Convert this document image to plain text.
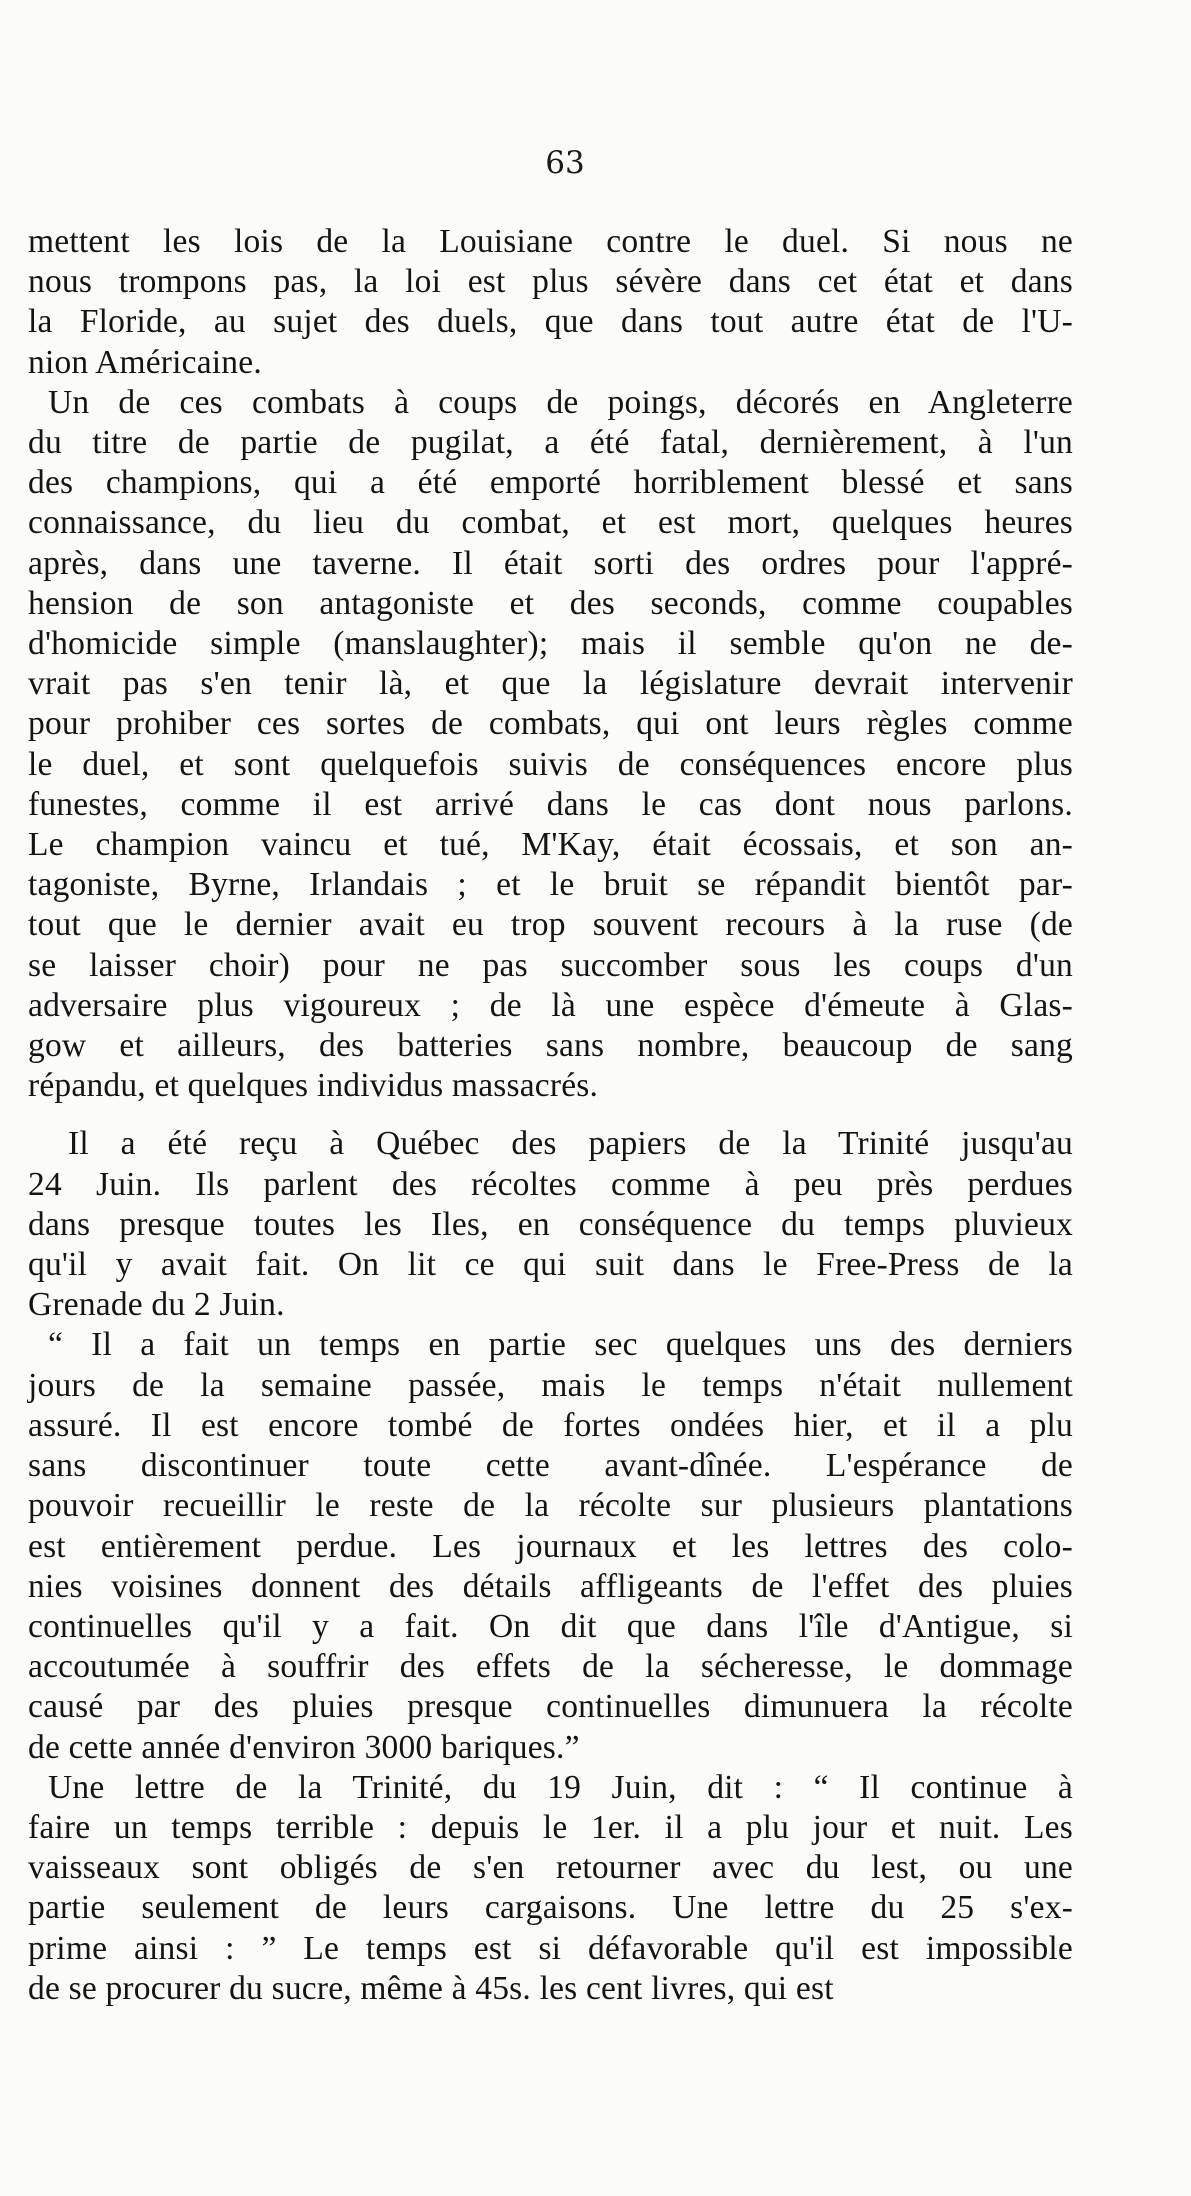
63
mettent les lois de la Louisiane contre le duel. Si nous ne
nous trompons pas, la loi est plus sévère dans cet état et dans
la Floride, au sujet des duels, que dans tout autre état de l'U-
nion Américaine.
Un de ces combats à coups de poings, décorés en Angleterre
du titre de partie de pugilat, a été fatal, dernièrement, à l'un
des champions, qui a été emporté horriblement blessé et sans
connaissance, du lieu du combat, et est mort, quelques heures
après, dans une taverne. Il était sorti des ordres pour l'appré-
hension de son antagoniste et des seconds, comme coupables
d'homicide simple (manslaughter); mais il semble qu'on ne de-
vrait pas s'en tenir là, et que la législature devrait intervenir
pour prohiber ces sortes de combats, qui ont leurs règles comme
le duel, et sont quelquefois suivis de conséquences encore plus
funestes, comme il est arrivé dans le cas dont nous parlons.
Le champion vaincu et tué, M'Kay, était écossais, et son an-
tagoniste, Byrne, Irlandais ; et le bruit se répandit bientôt par-
tout que le dernier avait eu trop souvent recours à la ruse (de
se laisser choir) pour ne pas succomber sous les coups d'un
adversaire plus vigoureux ; de là une espèce d'émeute à Glas-
gow et ailleurs, des batteries sans nombre, beaucoup de sang
répandu, et quelques individus massacrés.
Il a été reçu à Québec des papiers de la Trinité jusqu'au
24 Juin. Ils parlent des récoltes comme à peu près perdues
dans presque toutes les Iles, en conséquence du temps pluvieux
qu'il y avait fait. On lit ce qui suit dans le Free-Press de la
Grenade du 2 Juin.
“ Il a fait un temps en partie sec quelques uns des derniers
jours de la semaine passée, mais le temps n'était nullement
assuré. Il est encore tombé de fortes ondées hier, et il a plu
sans discontinuer toute cette avant-dînée. L'espérance de
pouvoir recueillir le reste de la récolte sur plusieurs plantations
est entièrement perdue. Les journaux et les lettres des colo-
nies voisines donnent des détails affligeants de l'effet des pluies
continuelles qu'il y a fait. On dit que dans l'île d'Antigue, si
accoutumée à souffrir des effets de la sécheresse, le dommage
causé par des pluies presque continuelles dimunuera la récolte
de cette année d'environ 3000 bariques.”
Une lettre de la Trinité, du 19 Juin, dit : “ Il continue à
faire un temps terrible : depuis le 1er. il a plu jour et nuit. Les
vaisseaux sont obligés de s'en retourner avec du lest, ou une
partie seulement de leurs cargaisons. Une lettre du 25 s'ex-
prime ainsi : ” Le temps est si défavorable qu'il est impossible
de se procurer du sucre, même à 45s. les cent livres, qui est
